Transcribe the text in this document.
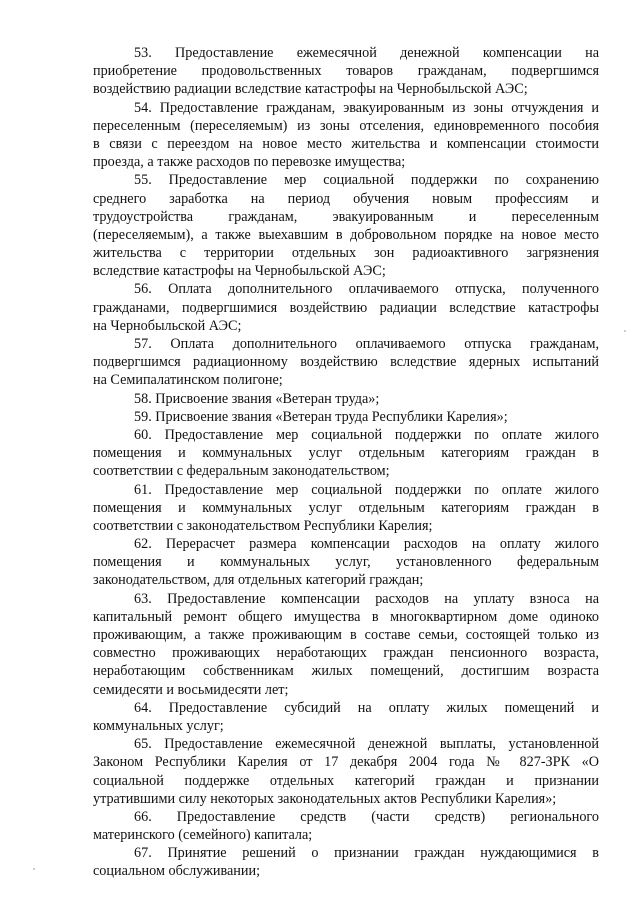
53. Предоставление ежемесячной денежной компенсации на
приобретение продовольственных товаров гражданам, подвергшимся
воздействию радиации вследствие катастрофы на Чернобыльской АЭС;
54. Предоставление гражданам, эвакуированным из зоны отчуждения и
переселенным (переселяемым) из зоны отселения, единовременного пособия
в связи с переездом на новое место жительства и компенсации стоимости
проезда, а также расходов по перевозке имущества;
55. Предоставление мер социальной поддержки по сохранению
среднего заработка на период обучения новым профессиям и
трудоустройства гражданам, эвакуированным и переселенным
(переселяемым), а также выехавшим в добровольном порядке на новое место
жительства с территории отдельных зон радиоактивного загрязнения
вследствие катастрофы на Чернобыльской АЭС;
56. Оплата дополнительного оплачиваемого отпуска, полученного
гражданами, подвергшимися воздействию радиации вследствие катастрофы
на Чернобыльской АЭС;
57. Оплата дополнительного оплачиваемого отпуска гражданам,
подвергшимся радиационному воздействию вследствие ядерных испытаний
на Семипалатинском полигоне;
58. Присвоение звания «Ветеран труда»;
59. Присвоение звания «Ветеран труда Республики Карелия»;
60. Предоставление мер социальной поддержки по оплате жилого
помещения и коммунальных услуг отдельным категориям граждан в
соответствии с федеральным законодательством;
61. Предоставление мер социальной поддержки по оплате жилого
помещения и коммунальных услуг отдельным категориям граждан в
соответствии с законодательством Республики Карелия;
62. Перерасчет размера компенсации расходов на оплату жилого
помещения и коммунальных услуг, установленного федеральным
законодательством, для отдельных категорий граждан;
63. Предоставление компенсации расходов на уплату взноса на
капитальный ремонт общего имущества в многоквартирном доме одиноко
проживающим, а также проживающим в составе семьи, состоящей только из
совместно проживающих неработающих граждан пенсионного возраста,
неработающим собственникам жилых помещений, достигшим возраста
семидесяти и восьмидесяти лет;
64. Предоставление субсидий на оплату жилых помещений и
коммунальных услуг;
65. Предоставление ежемесячной денежной выплаты, установленной
Законом Республики Карелия от 17 декабря 2004 года № 827-ЗРК «О
социальной поддержке отдельных категорий граждан и признании
утратившими силу некоторых законодательных актов Республики Карелия»;
66. Предоставление средств (части средств) регионального
материнского (семейного) капитала;
67. Принятие решений о признании граждан нуждающимися в
социальном обслуживании;
